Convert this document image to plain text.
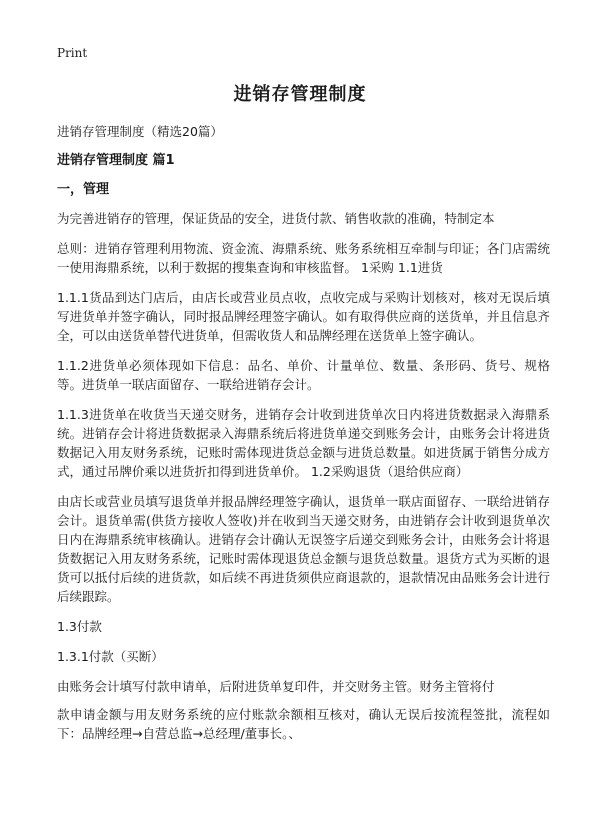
Print
进销存管理制度

进销存管理制度（精选20篇）

进销存管理制度 篇1

一，管理

为完善进销存的管理，保证货品的安全，进货付款、销售收款的准确，特制定本

总则：进销存管理利用物流、资金流、海鼎系统、账务系统相互牵制与印证；各门店需统一使用海鼎系统，以利于数据的搜集查询和审核监督。 1采购 1.1进货

1.1.1货品到达门店后，由店长或营业员点收，点收完成与采购计划核对，核对无误后填写进货单并签字确认，同时报品牌经理签字确认。如有取得供应商的送货单，并且信息齐全，可以由送货单替代进货单，但需收货人和品牌经理在送货单上签字确认。

1.1.2进货单必须体现如下信息：品名、单价、计量单位、数量、条形码、货号、规格等。进货单一联店面留存、一联给进销存会计。

1.1.3进货单在收货当天递交财务，进销存会计收到进货单次日内将进货数据录入海鼎系统。进销存会计将进货数据录入海鼎系统后将进货单递交到账务会计，由账务会计将进货数据记入用友财务系统，记账时需体现进货总金额与进货总数量。如进货属于销售分成方式，通过吊牌价乘以进货折扣得到进货单价。 1.2采购退货（退给供应商）

由店长或营业员填写退货单并报品牌经理签字确认，退货单一联店面留存、一联给进销存会计。退货单需(供货方接收人签收)并在收到当天递交财务，由进销存会计收到退货单次日内在海鼎系统审核确认。进销存会计确认无误签字后递交到账务会计，由账务会计将退货数据记入用友财务系统，记账时需体现退货总金额与退货总数量。退货方式为买断的退货可以抵付后续的进货款，如后续不再进货须供应商退款的，退款情况由品账务会计进行后续跟踪。

1.3付款

1.3.1付款（买断）

由账务会计填写付款申请单，后附进货单复印件，并交财务主管。财务主管将付

款申请金额与用友财务系统的应付账款余额相互核对，确认无误后按流程签批，流程如下：品牌经理→自营总监→总经理/董事长。、
